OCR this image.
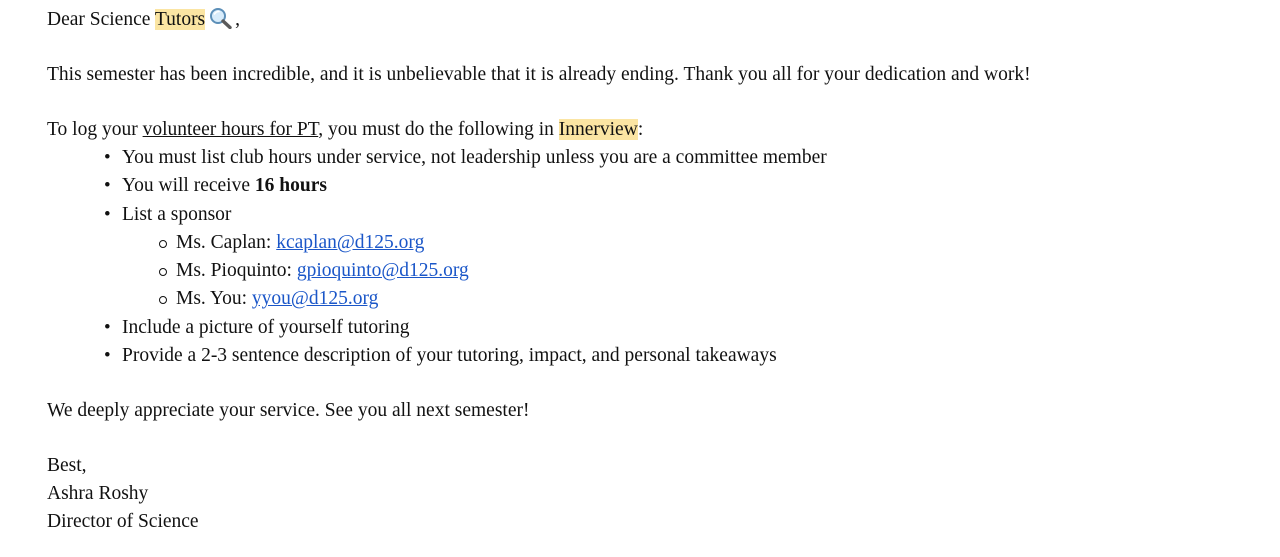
Dear Science Tutors ,

This semester has been incredible, and it is unbelievable that it is already ending. Thank you all for your dedication and work!

To log your volunteer hours for PT, you must do the following in Innerview:

• You must list club hours under service, not leadership unless you are a committee member
• You will receive 16 hours
• List a sponsor
Ms. Caplan: kcaplan@d125.org
Ms. Pioquinto: gpioquinto@d125.org
Ms. You: yyou@d125.org
• Include a picture of yourself tutoring
• Provide a 2-3 sentence description of your tutoring, impact, and personal takeaways

We deeply appreciate your service. See you all next semester!

Best,

Ashra Roshy

Director of Science
